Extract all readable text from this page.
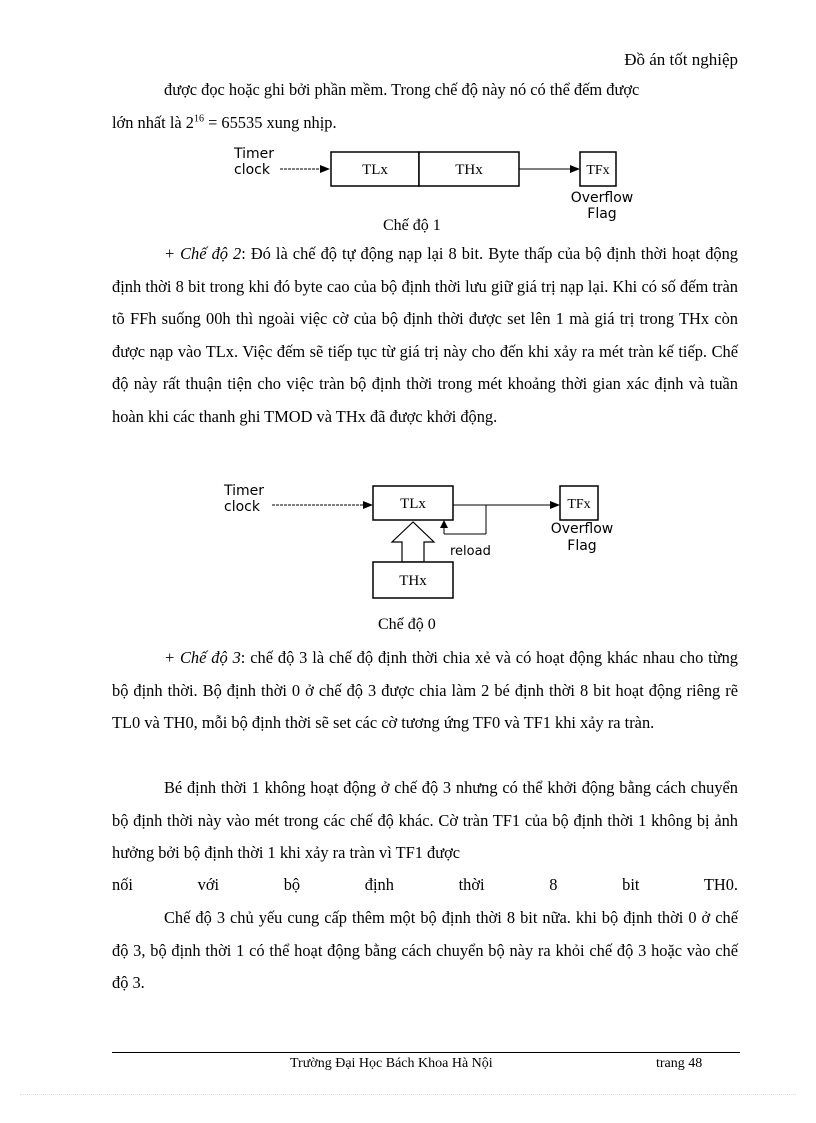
Đồ án tốt nghiệp

được đọc hoặc ghi bởi phần mềm. Trong chế độ này nó có thể đếm được
lớn nhất là $2^{16} = 65535$ xung nhịp.

Timer
clock	TLx	THx	TFx
Overflow
Flag
Chế độ 1

+ Chế độ 2: Đó là chế độ tự động nạp lại 8 bit. Byte thấp của bộ định thời hoạt động định thời 8 bit trong khi đó byte cao của bộ định thời lưu giữ giá trị nạp lại. Khi có số đếm tràn tõ FFh suống 00h thì ngoài việc cờ của bộ định thời được set lên 1 mà giá trị trong THx còn được nạp vào TLx. Việc đếm sẽ tiếp tục từ giá trị này cho đến khi xảy ra mét tràn kế tiếp. Chế độ này rất thuận tiện cho việc tràn bộ định thời trong mét khoảng thời gian xác định và tuần hoàn khi các thanh ghi TMOD và THx đã được khởi động.

Timer
clock	TLx
reload
THx
TFx
Overflow
Flag
Chế độ 0

+ Chế độ 3: chế độ 3 là chế độ định thời chia xẻ và có hoạt động khác nhau cho từng bộ định thời. Bộ định thời 0 ở chế độ 3 được chia làm 2 bé định thời 8 bit hoạt động riêng rẽ TL0 và TH0, mỗi bộ định thời sẽ set các cờ tương ứng TF0 và TF1 khi xảy ra tràn.

Bé định thời 1 không hoạt động ở chế độ 3 nhưng có thể khởi động bằng cách chuyển bộ định thời này vào mét trong các chế độ khác. Cờ tràn TF1 của bộ định thời 1 không bị ảnh hưởng bởi bộ định thời 1 khi xảy ra tràn vì TF1 được

nối với bộ định thời 8 bit TH0.

Chế độ 3 chủ yếu cung cấp thêm một bộ định thời 8 bit nữa. khi bộ định thời 0 ở chế độ 3, bộ định thời 1 có thể hoạt động bằng cách chuyển bộ này ra khỏi chế độ 3 hoặc vào chế độ 3.

Trường Đại Học Bách Khoa Hà Nội	trang 48
